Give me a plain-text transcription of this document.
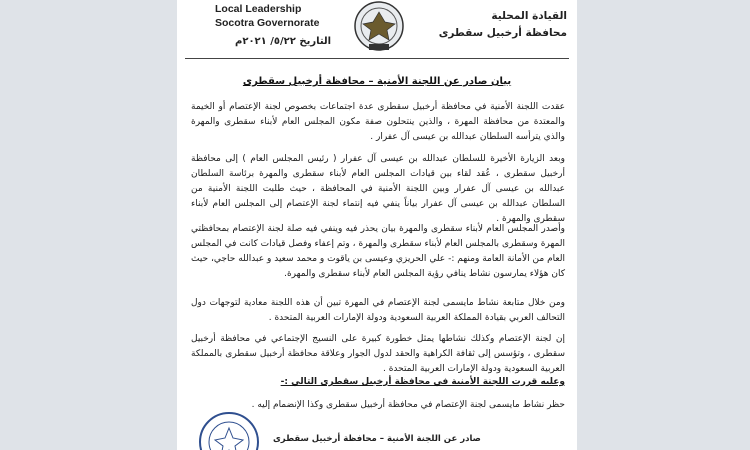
Local Leadership
Socotra Governorate
القيادة المحلية
محافظة أرخبيل سقطرى
التاريخ ٥/٢٢/ ٢٠٢١م
بيان صادر عن اللجنة الأمنية – محافظة أرخبيل سقطرى
عقدت اللجنة الأمنية في محافظة أرخبيل سقطرى عدة اجتماعات بخصوص لجنة الإعتصام أو الخيمة والمعتدة من محافظة المهرة ، والذين ينتحلون صفة مكون المجلس العام لأبناء سقطرى والمهرة والذي يترأسه السلطان عبدالله بن عيسى آل عفرار .
وبعد الزيارة الأخيرة للسلطان عبدالله بن عيسى آل عفرار ( رئيس المجلس العام ) إلى محافظة أرخبيل سقطرى ، عُقد لقاء بين قيادات المجلس العام لأبناء سقطرى والمهرة برئاسة السلطان عبدالله بن عيسى آل عفرار وبين اللجنة الأمنية في المحافظة ، حيث طلبت اللجنة الأمنية من السلطان عبدالله بن عيسى آل عفرار بياناً ينفي فيه إنتماء لجنة الإعتصام إلى المجلس العام لأبناء سقطرى والمهرة .
وأصدر المجلس العام لأبناء سقطرى والمهرة بيان يحذر فيه وينفي فيه صلة لجنة الإعتصام بمحافظتي المهرة وسقطرى بالمجلس العام لأبناء سقطرى والمهرة ، وتم إعفاء وفصل قيادات كانت في المجلس العام من الأمانة العامة ومنهم :- علي الحريزي وعيسى بن ياقوت و محمد سعيد و عبدالله حاجي، حيث كان هؤلاء يمارسون نشاط ينافي رؤية المجلس العام لأبناء سقطرى والمهرة.
ومن خلال متابعة نشاط مايسمى لجنة الإعتصام في المهرة تبين أن هذه اللجنة معادية لتوجهات دول التحالف العربي بقيادة المملكة العربية السعودية ودولة الإمارات العربية المتحدة .
إن لجنة الإعتصام وكذلك نشاطها يمثل خطورة كبيرة على النسيج الإجتماعي في محافظة أرخبيل سقطرى ، وتؤسس إلى ثقافة الكراهية والحقد لدول الجوار وعلاقة محافظة أرخبيل سقطرى بالمملكة العربية السعودية ودولة الإمارات العربية المتحدة .
وعليه قررت اللجنة الأمنية في محافظة أرخبيل سقطرى التالي :-
حظر نشاط مايسمى لجنة الإعتصام في محافظة أرخبيل سقطرى وكذا الإنضمام إليه .
صادر عن اللجنة الأمنية – محافظة أرخبيل سقطرى
